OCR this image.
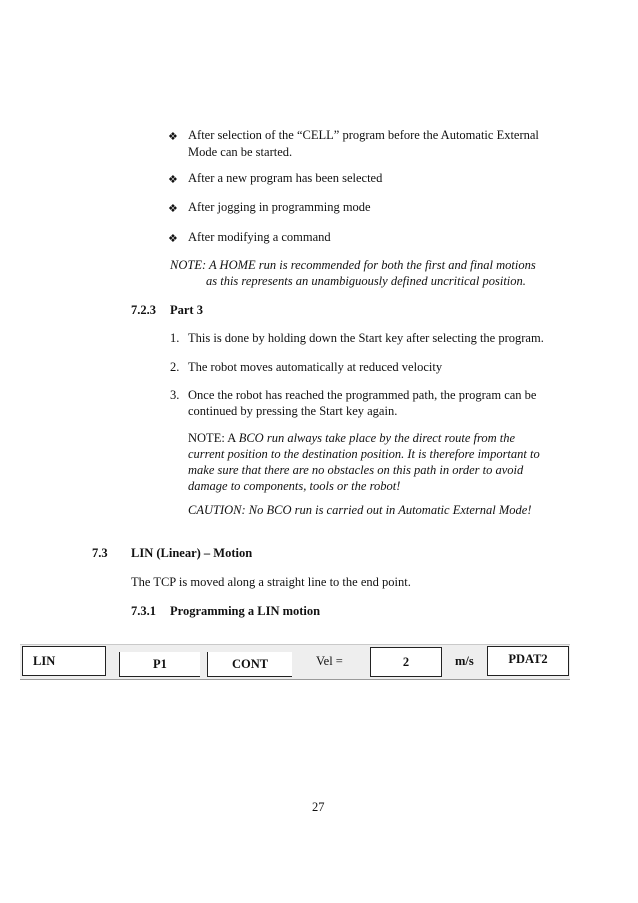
❖ After selection of the “CELL” program before the Automatic External
Mode can be started.
❖ After a new program has been selected
❖ After jogging in programming mode
❖ After modifying a command
NOTE: A HOME run is recommended for both the first and final motions
as this represents an unambiguously defined uncritical position.
7.2.3 Part 3
1. This is done by holding down the Start key after selecting the program.
2. The robot moves automatically at reduced velocity
3. Once the robot has reached the programmed path, the program can be
continued by pressing the Start key again.
NOTE: A BCO run always take place by the direct route from the
current position to the destination position. It is therefore important to
make sure that there are no obstacles on this path in order to avoid
damage to components, tools or the robot!
CAUTION: No BCO run is carried out in Automatic External Mode!
7.3 LIN (Linear) – Motion
The TCP is moved along a straight line to the end point.
7.3.1 Programming a LIN motion
LIN	P1	CONT	Vel =	2	m/s	PDAT2
27
